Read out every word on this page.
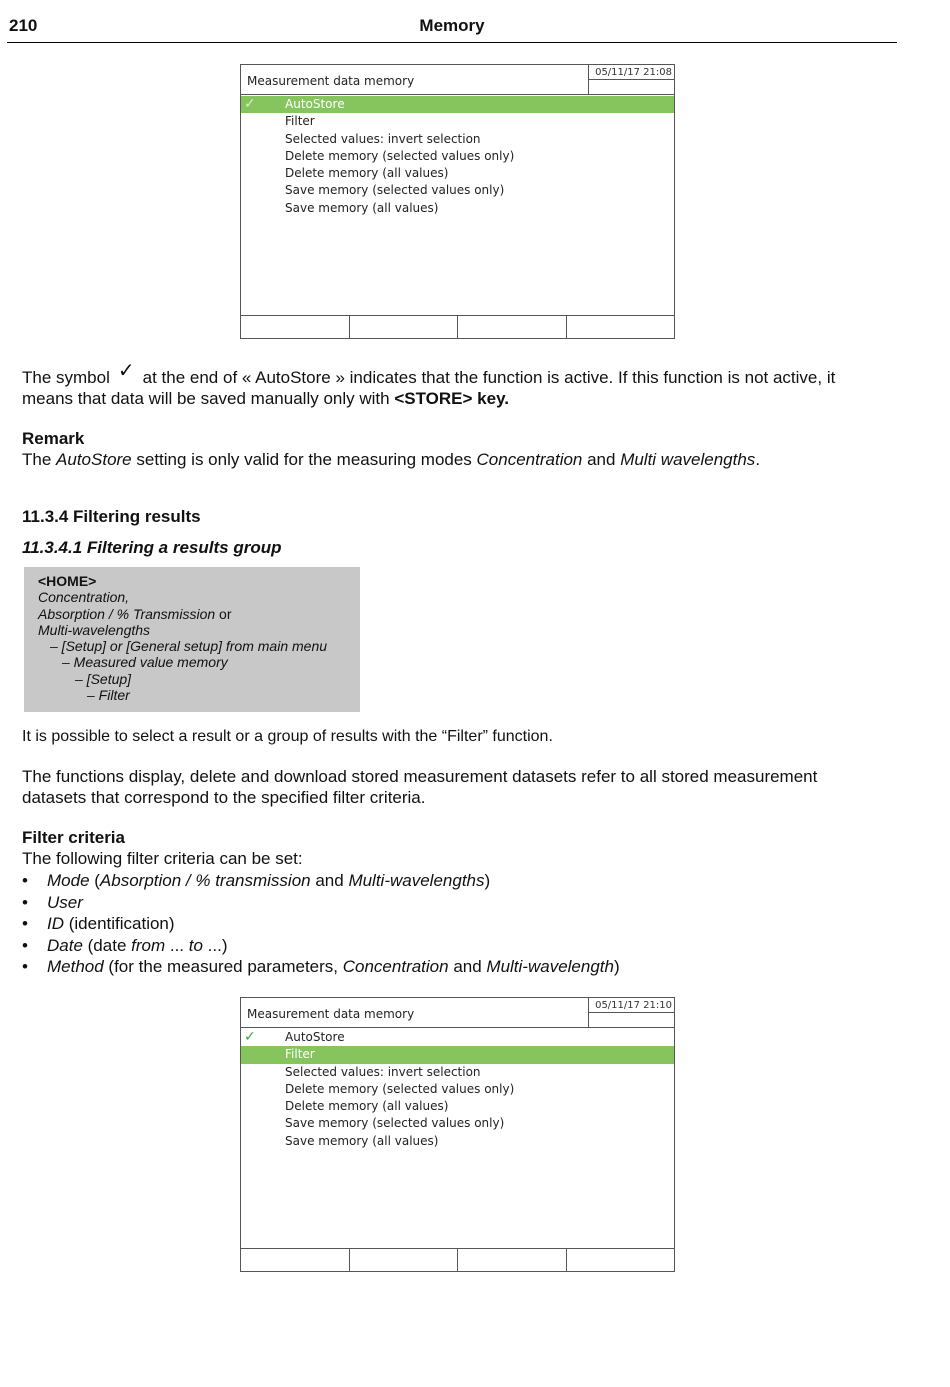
210	Memory
Measurement data memory
05/11/17 21:08
✓ AutoStore
Filter
Selected values: invert selection
Delete memory (selected values only)
Delete memory (all values)
Save memory (selected values only)
Save memory (all values)
The symbol ✓ at the end of « AutoStore » indicates that the function is active. If this function is not active, it means that data will be saved manually only with <STORE> key.
Remark
The AutoStore setting is only valid for the measuring modes Concentration and Multi wavelengths.
11.3.4 Filtering results
11.3.4.1 Filtering a results group
<HOME>
Concentration,
Absorption / % Transmission or
Multi-wavelengths
– [Setup] or [General setup] from main menu
– Measured value memory
– [Setup]
– Filter
It is possible to select a result or a group of results with the “Filter” function.
The functions display, delete and download stored measurement datasets refer to all stored measurement datasets that correspond to the specified filter criteria.
Filter criteria
The following filter criteria can be set:
• Mode (Absorption / % transmission and Multi-wavelengths)
• User
• ID (identification)
• Date (date from ... to ...)
• Method (for the measured parameters, Concentration and Multi-wavelength)
Measurement data memory
05/11/17 21:10
✓ AutoStore
Filter
Selected values: invert selection
Delete memory (selected values only)
Delete memory (all values)
Save memory (selected values only)
Save memory (all values)
